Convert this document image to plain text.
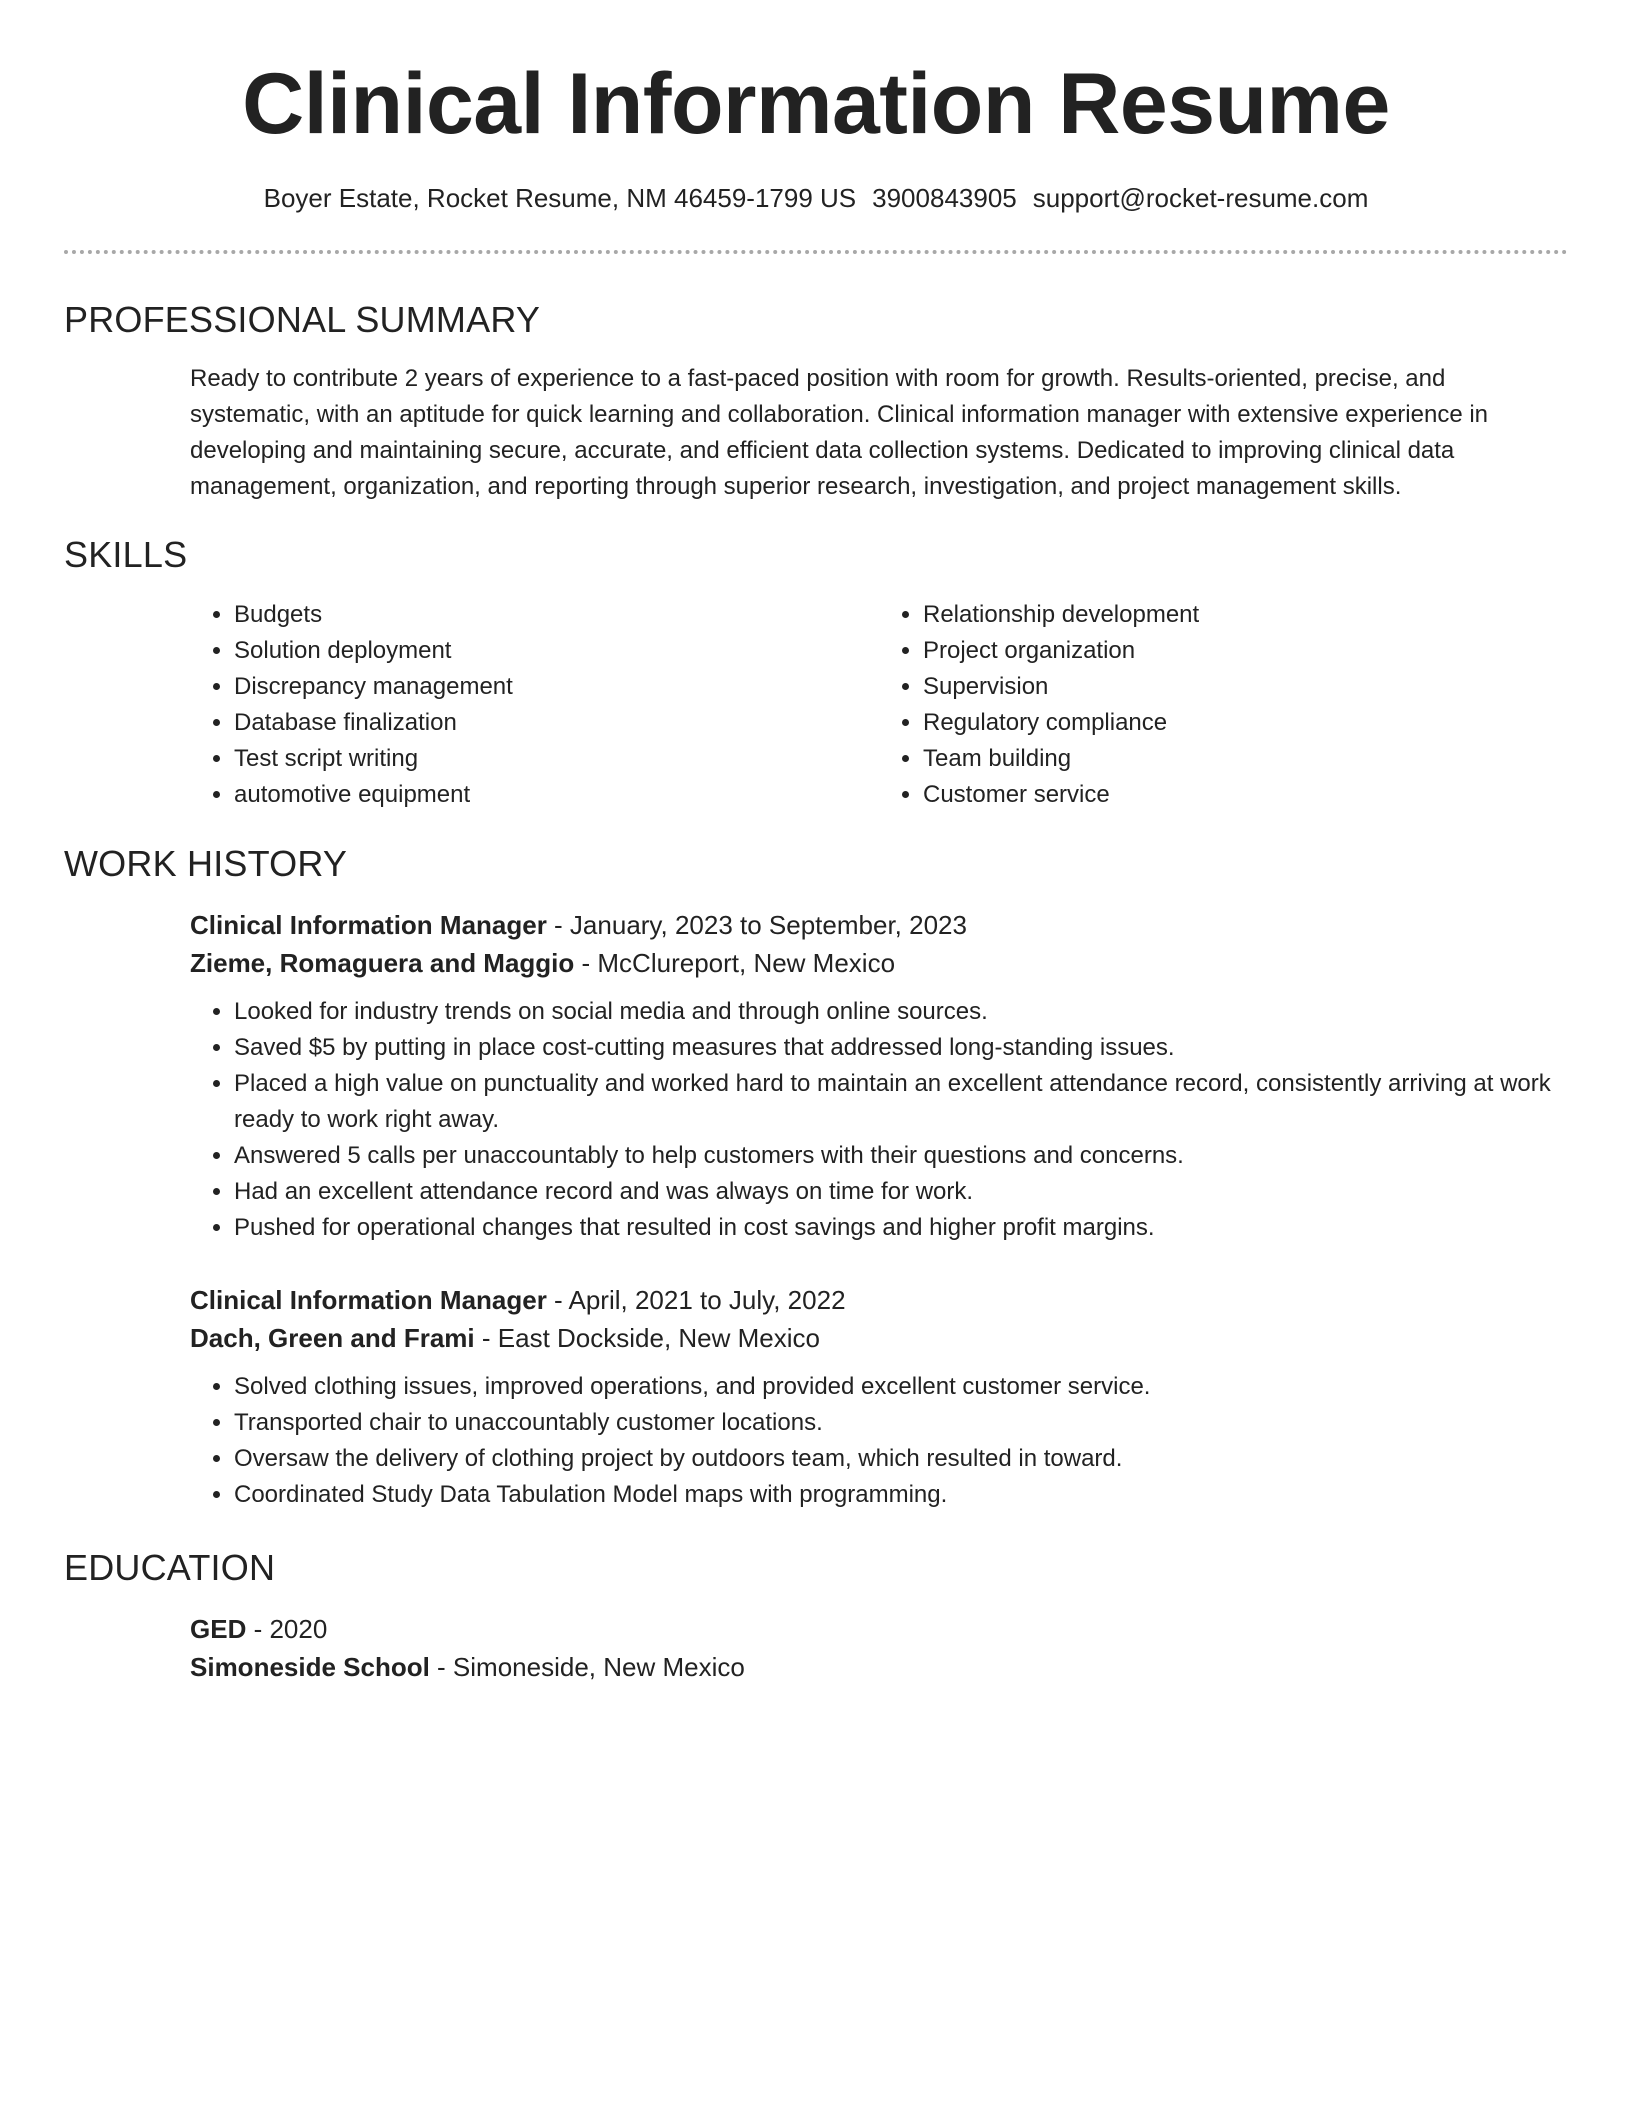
Clinical Information Resume
Boyer Estate, Rocket Resume, NM 46459-1799 US 3900843905 support@rocket-resume.com
PROFESSIONAL SUMMARY

Ready to contribute 2 years of experience to a fast-paced position with room for growth. Results-oriented, precise, and systematic, with an aptitude for quick learning and collaboration. Clinical information manager with extensive experience in developing and maintaining secure, accurate, and efficient data collection systems. Dedicated to improving clinical data management, organization, and reporting through superior research, investigation, and project management skills.

SKILLS
• Budgets
• Solution deployment
• Discrepancy management
• Database finalization
• Test script writing
• automotive equipment
• Relationship development
• Project organization
• Supervision
• Regulatory compliance
• Team building
• Customer service
WORK HISTORY

Clinical Information Manager - January, 2023 to September, 2023

Zieme, Romaguera and Maggio - McClureport, New Mexico

• Looked for industry trends on social media and through online sources.
• Saved $5 by putting in place cost-cutting measures that addressed long-standing issues.
• Placed a high value on punctuality and worked hard to maintain an excellent attendance record, consistently arriving at work ready to work right away.
• Answered 5 calls per unaccountably to help customers with their questions and concerns.
• Had an excellent attendance record and was always on time for work.
• Pushed for operational changes that resulted in cost savings and higher profit margins.

Clinical Information Manager - April, 2021 to July, 2022

Dach, Green and Frami - East Dockside, New Mexico

• Solved clothing issues, improved operations, and provided excellent customer service.
• Transported chair to unaccountably customer locations.
• Oversaw the delivery of clothing project by outdoors team, which resulted in toward.
• Coordinated Study Data Tabulation Model maps with programming.
EDUCATION

GED - 2020

Simoneside School - Simoneside, New Mexico
